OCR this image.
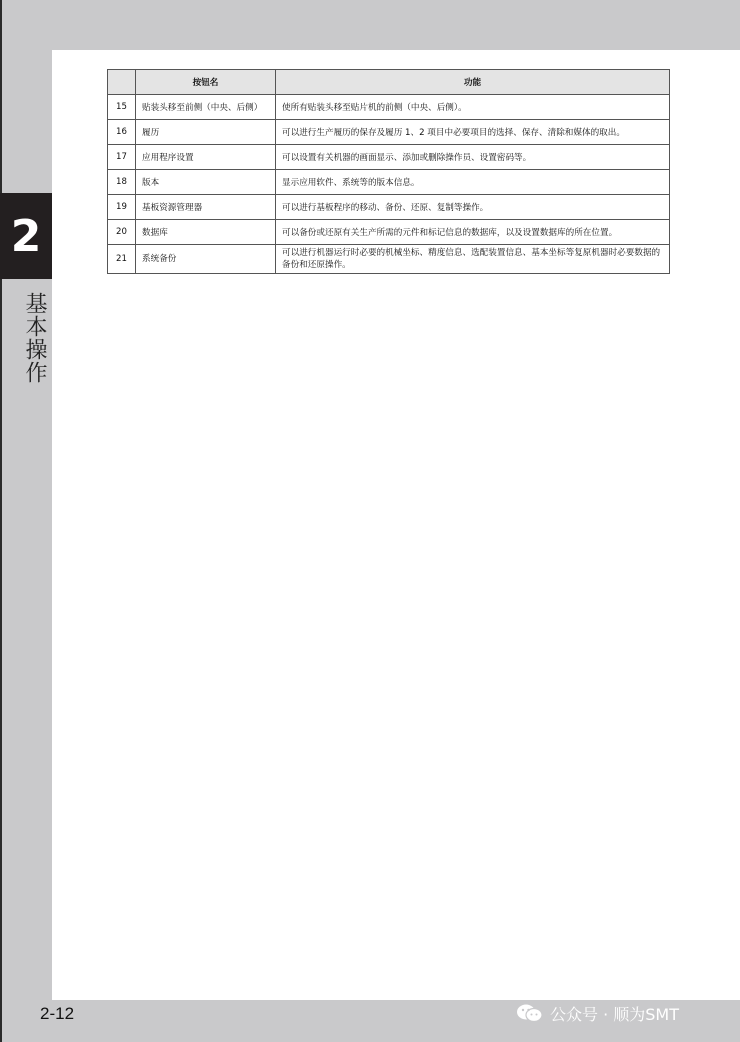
2
基本操作
	按钮名	功能
15	贴装头移至前侧（中央、后侧）	使所有贴装头移至贴片机的前侧（中央、后侧）。
16	履历	可以进行生产履历的保存及履历 1、2 项目中必要项目的选择、保存、清除和媒体的取出。
17	应用程序设置	可以设置有关机器的画面显示、添加或删除操作员、设置密码等。
18	版本	显示应用软件、系统等的版本信息。
19	基板资源管理器	可以进行基板程序的移动、备份、还原、复制等操作。
20	数据库	可以备份或还原有关生产所需的元件和标记信息的数据库，以及设置数据库的所在位置。
21	系统备份	可以进行机器运行时必要的机械坐标、精度信息、选配装置信息、基本坐标等复原机器时必要数据的备份和还原操作。
2-12	公众号 · 顺为SMT
